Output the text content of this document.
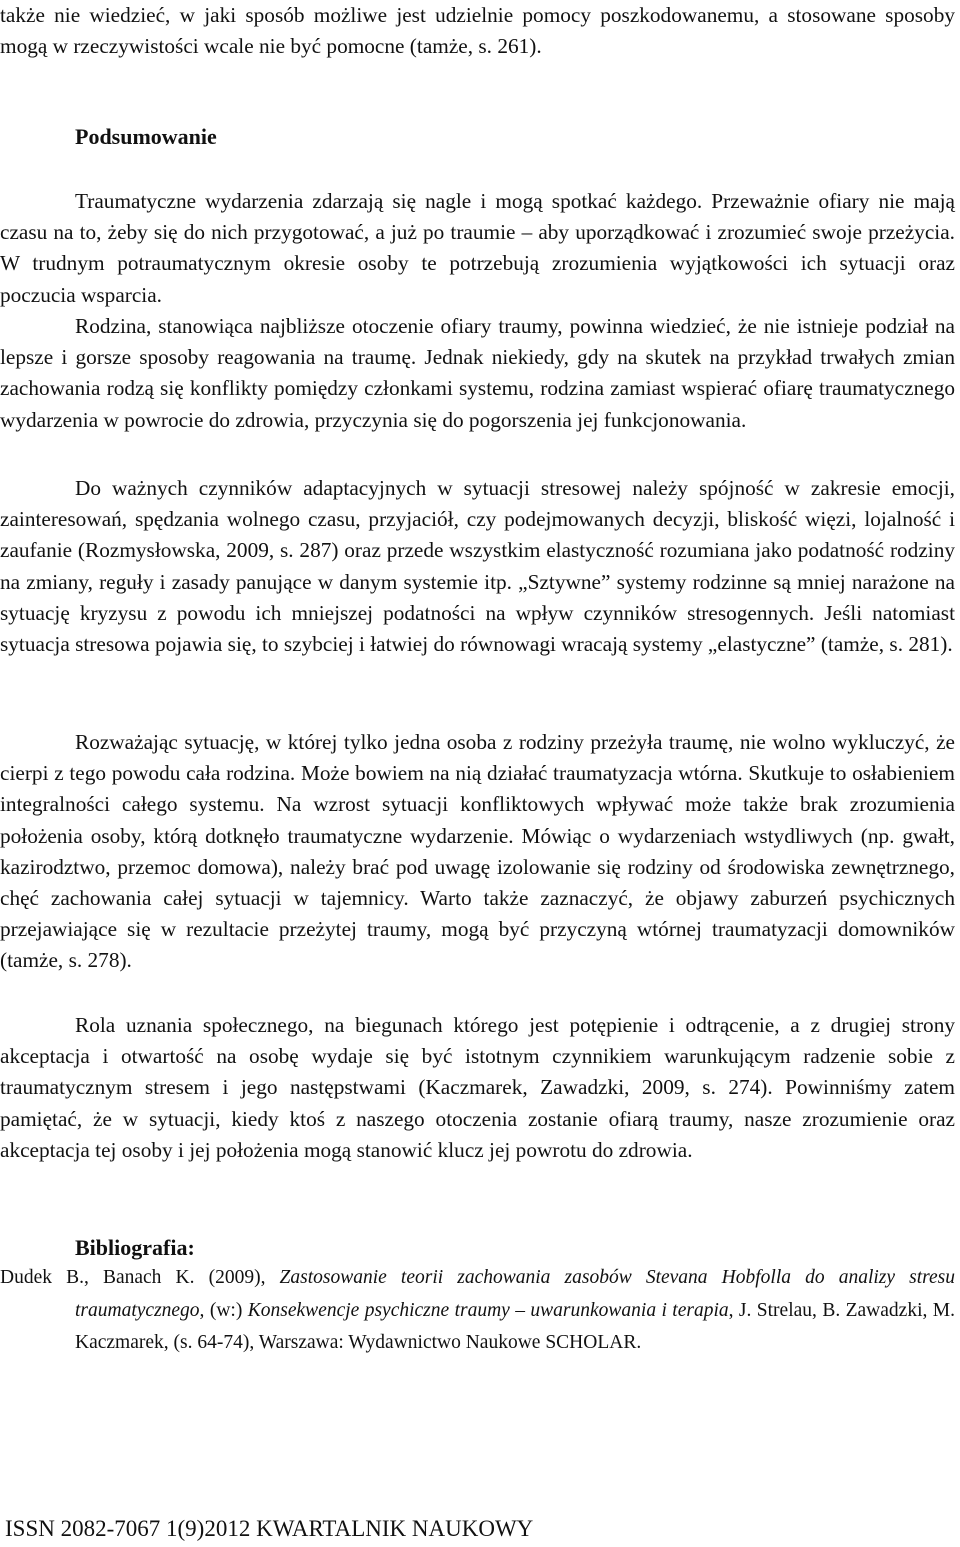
także nie wiedzieć, w jaki sposób możliwe jest udzielnie pomocy poszkodowanemu, a stosowane sposoby mogą w rzeczywistości wcale nie być pomocne (tamże, s. 261).

Podsumowanie

Traumatyczne wydarzenia zdarzają się nagle i mogą spotkać każdego. Przeważnie ofiary nie mają czasu na to, żeby się do nich przygotować, a już po traumie – aby uporządkować i zrozumieć swoje przeżycia. W trudnym potraumatycznym okresie osoby te potrzebują zrozumienia wyjątkowości ich sytuacji oraz poczucia wsparcia.

Rodzina, stanowiąca najbliższe otoczenie ofiary traumy, powinna wiedzieć, że nie istnieje podział na lepsze i gorsze sposoby reagowania na traumę. Jednak niekiedy, gdy na skutek na przykład trwałych zmian zachowania rodzą się konflikty pomiędzy członkami systemu, rodzina zamiast wspierać ofiarę traumatycznego wydarzenia w powrocie do zdrowia, przyczynia się do pogorszenia jej funkcjonowania.

Do ważnych czynników adaptacyjnych w sytuacji stresowej należy spójność w zakresie emocji, zainteresowań, spędzania wolnego czasu, przyjaciół, czy podejmowanych decyzji, bliskość więzi, lojalność i zaufanie (Rozmysłowska, 2009, s. 287) oraz przede wszystkim elastyczność rozumiana jako podatność rodziny na zmiany, reguły i zasady panujące w danym systemie itp. „Sztywne” systemy rodzinne są mniej narażone na sytuację kryzysu z powodu ich mniejszej podatności na wpływ czynników stresogennych. Jeśli natomiast sytuacja stresowa pojawia się, to szybciej i łatwiej do równowagi wracają systemy „elastyczne” (tamże, s. 281).

Rozważając sytuację, w której tylko jedna osoba z rodziny przeżyła traumę, nie wolno wykluczyć, że cierpi z tego powodu cała rodzina. Może bowiem na nią działać traumatyzacja wtórna. Skutkuje to osłabieniem integralności całego systemu. Na wzrost sytuacji konfliktowych wpływać może także brak zrozumienia położenia osoby, którą dotknęło traumatyczne wydarzenie. Mówiąc o wydarzeniach wstydliwych (np. gwałt, kazirodztwo, przemoc domowa), należy brać pod uwagę izolowanie się rodziny od środowiska zewnętrznego, chęć zachowania całej sytuacji w tajemnicy. Warto także zaznaczyć, że objawy zaburzeń psychicznych przejawiające się w rezultacie przeżytej traumy, mogą być przyczyną wtórnej traumatyzacji domowników (tamże, s. 278).

Rola uznania społecznego, na biegunach którego jest potępienie i odtrącenie, a z drugiej strony akceptacja i otwartość na osobę wydaje się być istotnym czynnikiem warunkującym radzenie sobie z traumatycznym stresem i jego następstwami (Kaczmarek, Zawadzki, 2009, s. 274). Powinniśmy zatem pamiętać, że w sytuacji, kiedy ktoś z naszego otoczenia zostanie ofiarą traumy, nasze zrozumienie oraz akceptacja tej osoby i jej położenia mogą stanowić klucz jej powrotu do zdrowia.

Bibliografia:

Dudek B., Banach K. (2009), Zastosowanie teorii zachowania zasobów Stevana Hobfolla do analizy stresu traumatycznego, (w:) Konsekwencje psychiczne traumy – uwarunkowania i terapia, J. Strelau, B. Zawadzki, M. Kaczmarek, (s. 64-74), Warszawa: Wydawnictwo Naukowe SCHOLAR.

ISSN 2082-7067 1(9)2012 KWARTALNIK NAUKOWY
